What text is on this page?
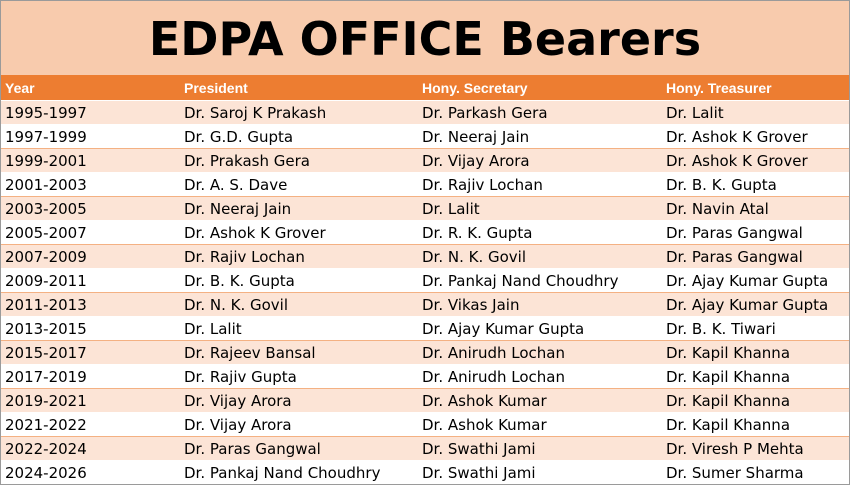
EDPA OFFICE Bearers
Year	President	Hony. Secretary	Hony. Treasurer
1995-1997	Dr. Saroj K Prakash	Dr. Parkash Gera	Dr. Lalit
1997-1999	Dr. G.D. Gupta	Dr. Neeraj Jain	Dr. Ashok K Grover
1999-2001	Dr. Prakash Gera	Dr. Vijay Arora	Dr. Ashok K Grover
2001-2003	Dr. A. S. Dave	Dr. Rajiv Lochan	Dr. B. K. Gupta
2003-2005	Dr. Neeraj Jain	Dr. Lalit	Dr. Navin Atal
2005-2007	Dr. Ashok K Grover	Dr. R. K. Gupta	Dr. Paras Gangwal
2007-2009	Dr. Rajiv Lochan	Dr. N. K. Govil	Dr. Paras Gangwal
2009-2011	Dr. B. K. Gupta	Dr. Pankaj Nand Choudhry	Dr. Ajay Kumar Gupta
2011-2013	Dr. N. K. Govil	Dr. Vikas Jain	Dr. Ajay Kumar Gupta
2013-2015	Dr. Lalit	Dr. Ajay Kumar Gupta	Dr. B. K. Tiwari
2015-2017	Dr. Rajeev Bansal	Dr. Anirudh Lochan	Dr. Kapil Khanna
2017-2019	Dr. Rajiv Gupta	Dr. Anirudh Lochan	Dr. Kapil Khanna
2019-2021	Dr. Vijay Arora	Dr. Ashok Kumar	Dr. Kapil Khanna
2021-2022	Dr. Vijay Arora	Dr. Ashok Kumar	Dr. Kapil Khanna
2022-2024	Dr. Paras Gangwal	Dr. Swathi Jami	Dr. Viresh P Mehta
2024-2026	Dr. Pankaj Nand Choudhry	Dr. Swathi Jami	Dr. Sumer Sharma
